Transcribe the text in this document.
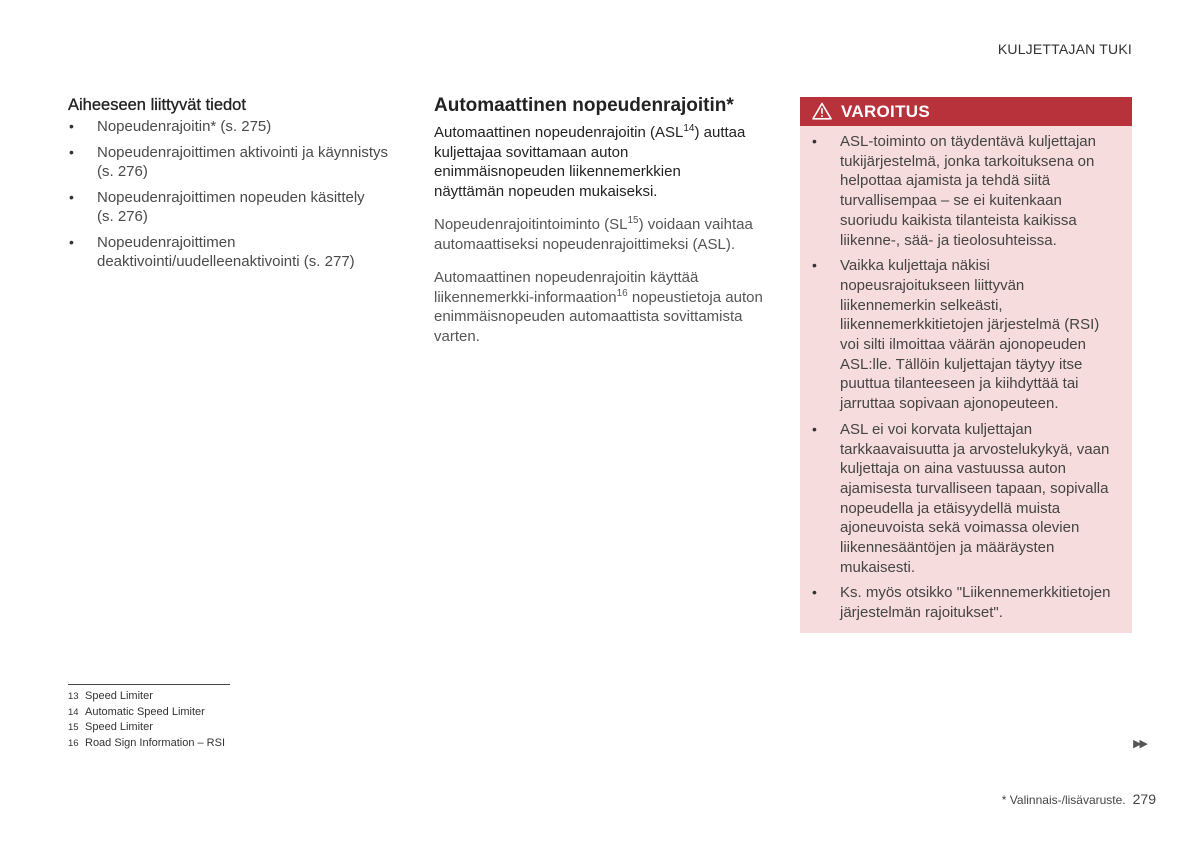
KULJETTAJAN TUKI
Aiheeseen liittyvät tiedot
• Nopeudenrajoitin* (s. 275)
• Nopeudenrajoittimen aktivointi ja käynnistys (s. 276)
• Nopeudenrajoittimen nopeuden käsittely (s. 276)
• Nopeudenrajoittimen deaktivointi/uudelleenaktivointi (s. 277)
Automaattinen nopeudenrajoitin*

Automaattinen nopeudenrajoitin (ASL$^{14}$) auttaa kuljettajaa sovittamaan auton enimmäisnopeuden liikennemerkkien näyttämän nopeuden mukaiseksi.

Nopeudenrajoitintoiminto (SL$^{15}$) voidaan vaihtaa automaattiseksi nopeudenrajoittimeksi (ASL).

Automaattinen nopeudenrajoitin käyttää liikennemerkki-informaation$^{16}$ nopeustietoja auton enimmäisnopeuden automaattista sovittamista varten.

VAROITUS
• ASL-toiminto on täydentävä kuljettajan tukijärjestelmä, jonka tarkoituksena on helpottaa ajamista ja tehdä siitä turvallisempaa – se ei kuitenkaan suoriudu kaikista tilanteista kaikissa liikenne-, sää- ja tieolosuhteissa.
• Vaikka kuljettaja näkisi nopeusrajoitukseen liittyvän liikennemerkin selkeästi, liikennemerkkitietojen järjestelmä (RSI) voi silti ilmoittaa väärän ajonopeuden ASL:lle. Tällöin kuljettajan täytyy itse puuttua tilanteeseen ja kiihdyttää tai jarruttaa sopivaan ajonopeuteen.
• ASL ei voi korvata kuljettajan tarkkaavaisuutta ja arvostelukykyä, vaan kuljettaja on aina vastuussa auton ajamisesta turvalliseen tapaan, sopivalla nopeudella ja etäisyydellä muista ajoneuvoista sekä voimassa olevien liikennesääntöjen ja määräysten mukaisesti.
• Ks. myös otsikko "Liikennemerkkitietojen järjestelmän rajoitukset".
13 Speed Limiter
14 Automatic Speed Limiter
15 Speed Limiter
16 Road Sign Information – RSI	▶▶
* Valinnais-/lisävaruste. 279
